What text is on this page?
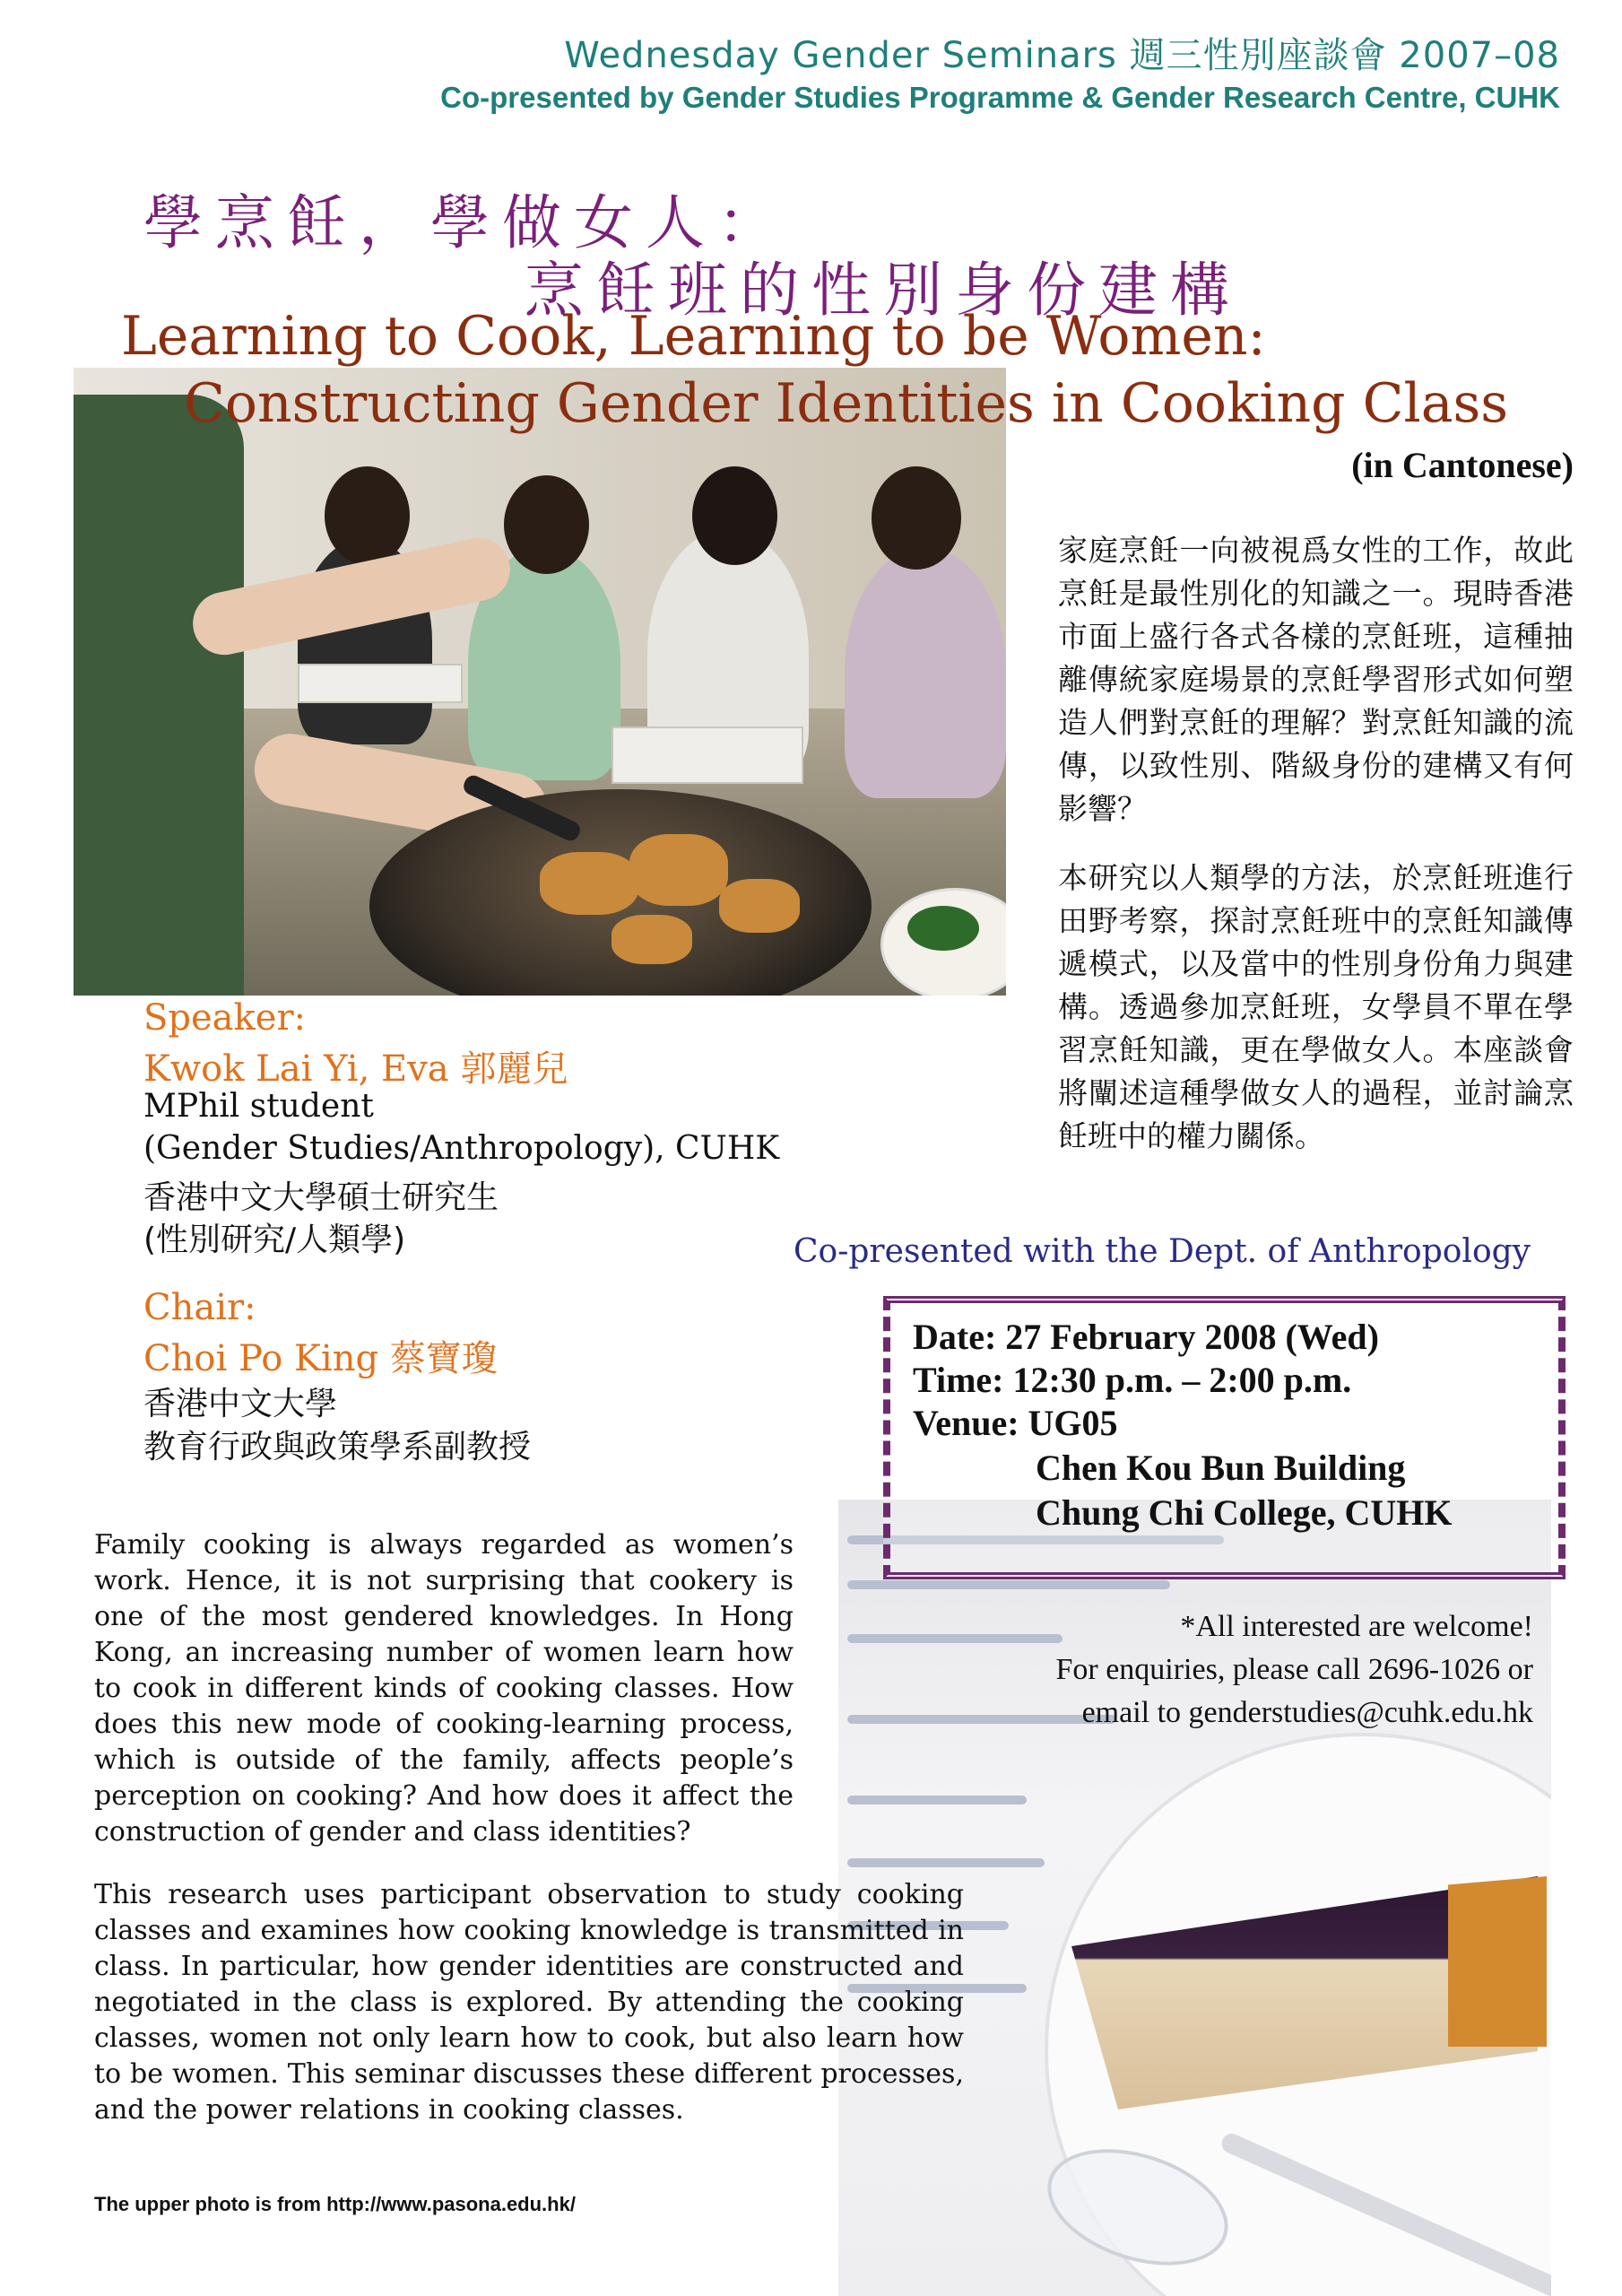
Wednesday Gender Seminars 週三性別座談會 2007–08
Co-presented by Gender Studies Programme & Gender Research Centre, CUHK
學烹飪，學做女人：
烹飪班的性別身份建構
Learning to Cook, Learning to be Women:
Constructing Gender Identities in Cooking Class
(in Cantonese)
家庭烹飪一向被視爲女性的工作，故此烹飪是最性別化的知識之一。現時香港市面上盛行各式各樣的烹飪班，這種抽離傳統家庭場景的烹飪學習形式如何塑造人們對烹飪的理解？對烹飪知識的流傳，以致性別、階級身份的建構又有何影響？
本研究以人類學的方法，於烹飪班進行田野考察，探討烹飪班中的烹飪知識傳遞模式，以及當中的性別身份角力與建構。透過參加烹飪班，女學員不單在學習烹飪知識，更在學做女人。本座談會將闡述這種學做女人的過程，並討論烹飪班中的權力關係。
Speaker:
Kwok Lai Yi, Eva 郭麗兒
MPhil student
(Gender Studies/Anthropology), CUHK
香港中文大學碩士研究生
(性別研究/人類學)
Chair:
Choi Po King 蔡寶瓊
香港中文大學
教育行政與政策學系副教授
Co-presented with the Dept. of Anthropology
Date: 27 February 2008 (Wed)
Time: 12:30 p.m. – 2:00 p.m.
Venue: UG05
Chen Kou Bun Building
Chung Chi College, CUHK
*All interested are welcome!
For enquiries, please call 2696-1026 or
email to genderstudies@cuhk.edu.hk
Family cooking is always regarded as women’s work. Hence, it is not surprising that cookery is one of the most gendered knowledges. In Hong Kong, an increasing number of women learn how to cook in different kinds of cooking classes. How does this new mode of cooking-learning process, which is outside of the family, affects people’s perception on cooking? And how does it affect the construction of gender and class identities?
This research uses participant observation to study cooking classes and examines how cooking knowledge is transmitted in class. In particular, how gender identities are constructed and negotiated in the class is explored. By attending the cooking classes, women not only learn how to cook, but also learn how to be women. This seminar discusses these different processes, and the power relations in cooking classes.
The upper photo is from http://www.pasona.edu.hk/
